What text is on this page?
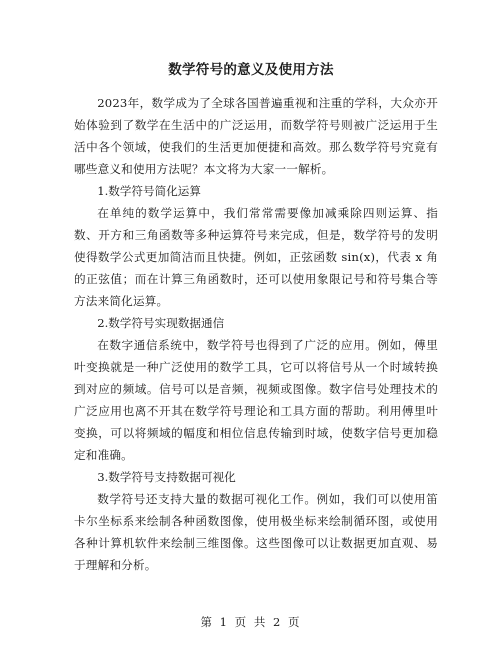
数学符号的意义及使用方法

2023年，数学成为了全球各国普遍重视和注重的学科，大众亦开始体验到了数学在生活中的广泛运用，而数学符号则被广泛运用于生活中各个领域，使我们的生活更加便捷和高效。那么数学符号究竟有哪些意义和使用方法呢？本文将为大家一一解析。

1.数学符号简化运算

在单纯的数学运算中，我们常常需要像加减乘除四则运算、指数、开方和三角函数等多种运算符号来完成，但是，数学符号的发明使得数学公式更加简洁而且快捷。例如，正弦函数 sin(x)，代表 x 角的正弦值；而在计算三角函数时，还可以使用象限记号和符号集合等方法来简化运算。

2.数学符号实现数据通信

在数字通信系统中，数学符号也得到了广泛的应用。例如，傅里叶变换就是一种广泛使用的数学工具，它可以将信号从一个时域转换到对应的频域。信号可以是音频，视频或图像。数字信号处理技术的广泛应用也离不开其在数学符号理论和工具方面的帮助。利用傅里叶变换，可以将频域的幅度和相位信息传输到时域，使数字信号更加稳定和准确。

3.数学符号支持数据可视化

数学符号还支持大量的数据可视化工作。例如，我们可以使用笛卡尔坐标系来绘制各种函数图像，使用极坐标来绘制循环图，或使用各种计算机软件来绘制三维图像。这些图像可以让数据更加直观、易于理解和分析。

第 1 页 共 2 页
